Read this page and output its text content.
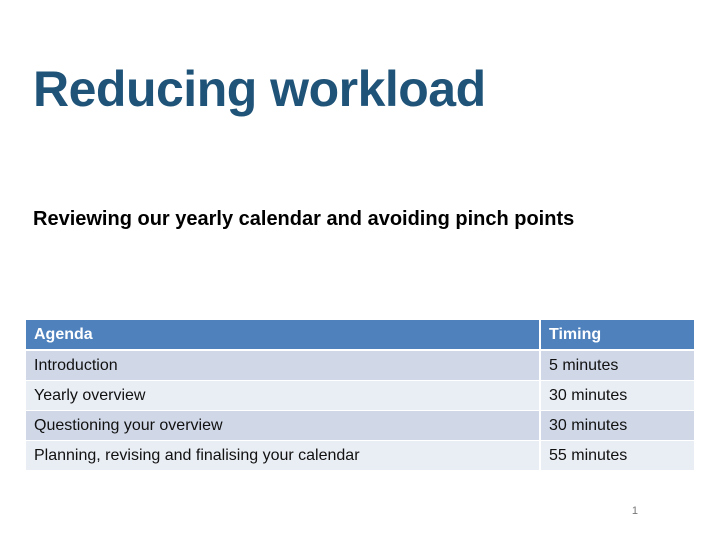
Reducing workload
Reviewing our yearly calendar and avoiding pinch points
Agenda	Timing
Introduction	5 minutes
Yearly overview	30 minutes
Questioning your overview	30 minutes
Planning, revising and finalising your calendar	55 minutes
1
